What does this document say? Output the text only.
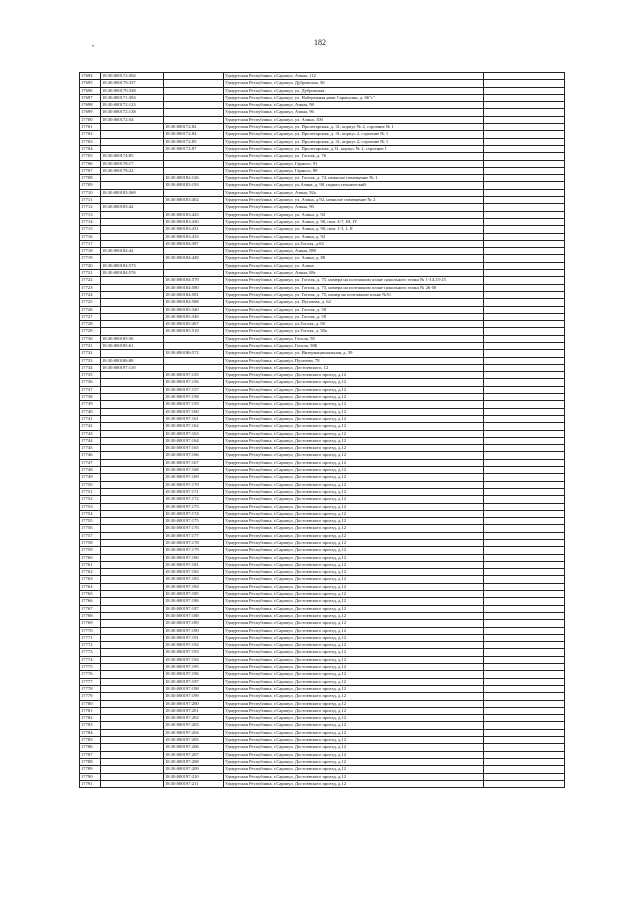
182
•
17694	18:30:000172:304		Удмуртская Республика, г.Сарапул, Азина, 112	
17695	18:30:000179:337		Удмуртская Республика, г.Сарапул, Дубровская, 36	
17696	18:30:000170:338		Удмуртская Республика, г.Сарапул, ул. Дубровская	
17697	18:30:000171:394		Удмуртская Республика, г.Сарапул, ул. Набережная реки Сарапулки, д. 66"г"	
17698	18:30:000172:123		Удмуртская Республика, г.Сарапул, Азина, 98	
17699	18:30:000172:138		Удмуртская Республика, г.Сарапул, Азина, 96	
17700	18:30:000172:54		Удмуртская Республика, г.Сарапул, ул. Азина, 100	
17701		18:30:000172:82	Удмуртская Республика, г.Сарапул, ул. Пролетарская, д. 31, корпус № 2, строение № 1	
17702		18:30:000172:84	Удмуртская Республика, г.Сарапул, ул. Пролетарская, д. 31, корпус 2, строение № 1	
17703		18:30:000172:85	Удмуртская Республика, г.Сарапул, ул. Пролетарская, д. 31, корпус 2, строение № 1	
17704		18:30:000172:87	Удмуртская Республика, г.Сарапул, ул. Пролетарская, д.31, корпус № 2, строение 1	
17705	18:30:000174:85		Удмуртская Республика, г.Сарапул, ул. Гоголя, д. 76	
17706	18:30:000178:17		Удмуртская Республика, г.Сарапул, Гарного, 91	
17707	18:30:000178:22		Удмуртская Республика, г.Сарапул, Гарного, 89	
17708		18:30:000182:126	Удмуртская Республика, г.Сарапул, ул. Гоголя, д. 74, нежилое помещение № 1	
17709		18:30:000183:193	Удмуртская Республика, г.Сарапул, ул.Азина, д. 90, подвал технический	
17710	18:30:000183:369		Удмуртская Республика, г.Сарапул, Азина, 92а	
17711		18:30:000183:402	Удмуртская Республика, г.Сарапул, ул. Азина, д.92, нежилое помещение № 2	
17712	18:30:000183:42		Удмуртская Республика, г.Сарапул, Азина, 90	
17713		18:30:000183:423	Удмуртская Республика, г.Сарапул, ул. Азина, д. 92	
17714		18:30:000183:430	Удмуртская Республика, г.Сарапул, ул. Азина, д. 90, пом. 4-7, III, IV	
17715		18:30:000183:431	Удмуртская Республика, г.Сарапул, ул. Азина, д. 90, пом. 1-3, I, II	
17716		18:30:000183:433	Удмуртская Республика, г.Сарапул, ул. Азина, д. 92	
17717		18:30:000184:387	Удмуртская Республика, г.Сарапул, ул.Гоголя, д.63	
17718	18:30:000184:42		Удмуртская Республика, г.Сарапул, Азина, 88б	
17719		18:30:000184:449	Удмуртская Республика, г.Сарапул, ул. Азина, д. 88	
17720	18:30:000184:573		Удмуртская Республика, г.Сарапул, ул. Азина	
17721	18:30:000184:576		Удмуртская Республика, г.Сарапул, Азина, 88г	
17722		18:30:000184:579	Удмуртская Республика, г.Сарапул, ул. Гоголя, д. 75, номера на поэтажном плане цокольного этажа № 1-14,15-25	
17723		18:30:000184:580	Удмуртская Республика, г.Сарапул, ул. Гоголя, д. 75, номера на поэтажном плане цокольного этажа № 26-50	
17724		18:30:000184:581	Удмуртская Республика, г.Сарапул, ул. Гоголя, д. 75, номер на поэтажном плане №51	
17725		18:30:000184:588	Удмуртская Республика, г.Сарапул, ул. Пугачева, д. 62	
17726		18:30:000185:340	Удмуртская Республика, г.Сарапул, ул. Гоголя, д. 58	
17727		18:30:000185:349	Удмуртская Республика, г.Сарапул, ул. Гоголя, д. 58	
17728		18:30:000185:467	Удмуртская Республика, г.Сарапул, ул.Гоголя, д. 58	
17729		18:30:000185:519	Удмуртская Республика, г.Сарапул, ул.Гоголя, д. 58а	
17730	18:30:000185:56		Удмуртская Республика, г.Сарапул, Гоголя, 58	
17731	18:30:000185:61		Удмуртская Республика, г.Сарапул, Гоголя, 58Б	
17732		18:30:000186:572	Удмуртская Республика, г.Сарапул, ул. Интернациональная, д. 39	
17733	18:30:000186:80		Удмуртская Республика, г.Сарапул, Пугачева, 78	
17734	18:30:000197:110		Удмуртская Республика, г.Сарапул, Достоевского, 12	
17735		18:30:000197:155	Удмуртская Республика, г.Сарапул, Достоевского проезд, д.12	
17736		18:30:000197:156	Удмуртская Республика, г.Сарапул, Достоевского проезд, д.12	
17737		18:30:000197:157	Удмуртская Республика, г.Сарапул, Достоевского проезд, д.12	
17738		18:30:000197:158	Удмуртская Республика, г.Сарапул, Достоевского проезд, д.12	
17739		18:30:000197:159	Удмуртская Республика, г.Сарапул, Достоевского проезд, д.12	
17740		18:30:000197:160	Удмуртская Республика, г.Сарапул, Достоевского проезд, д.12	
17741		18:30:000197:161	Удмуртская Республика, г.Сарапул, Достоевского проезд, д.12	
17742		18:30:000197:162	Удмуртская Республика, г.Сарапул, Достоевского проезд, д.12	
17743		18:30:000197:163	Удмуртская Республика, г.Сарапул, Достоевского проезд, д.12	
17744		18:30:000197:164	Удмуртская Республика, г.Сарапул, Достоевского проезд, д.12	
17745		18:30:000197:165	Удмуртская Республика, г.Сарапул, Достоевского проезд, д.12	
17746		18:30:000197:166	Удмуртская Республика, г.Сарапул, Достоевского проезд, д.12	
17747		18:30:000197:167	Удмуртская Республика, г.Сарапул, Достоевского проезд, д.12	
17748		18:30:000197:168	Удмуртская Республика, г.Сарапул, Достоевского проезд, д.12	
17749		18:30:000197:169	Удмуртская Республика, г.Сарапул, Достоевского проезд, д.12	
17750		18:30:000197:170	Удмуртская Республика, г.Сарапул, Достоевского проезд, д.12	
17751		18:30:000197:171	Удмуртская Республика, г.Сарапул, Достоевского проезд, д.12	
17752		18:30:000197:172	Удмуртская Республика, г.Сарапул, Достоевского проезд, д.12	
17753		18:30:000197:173	Удмуртская Республика, г.Сарапул, Достоевского проезд, д.12	
17754		18:30:000197:174	Удмуртская Республика, г.Сарапул, Достоевского проезд, д.12	
17755		18:30:000197:175	Удмуртская Республика, г.Сарапул, Достоевского проезд, д.12	
17756		18:30:000197:176	Удмуртская Республика, г.Сарапул, Достоевского проезд, д.12	
17757		18:30:000197:177	Удмуртская Республика, г.Сарапул, Достоевского проезд, д.12	
17758		18:30:000197:178	Удмуртская Республика, г.Сарапул, Достоевского проезд, д.12	
17759		18:30:000197:179	Удмуртская Республика, г.Сарапул, Достоевского проезд, д.12	
17760		18:30:000197:180	Удмуртская Республика, г.Сарапул, Достоевского проезд, д.12	
17761		18:30:000197:181	Удмуртская Республика, г.Сарапул, Достоевского проезд, д.12	
17762		18:30:000197:182	Удмуртская Республика, г.Сарапул, Достоевского проезд, д.12	
17763		18:30:000197:183	Удмуртская Республика, г.Сарапул, Достоевского проезд, д.12	
17764		18:30:000197:184	Удмуртская Республика, г.Сарапул, Достоевского проезд, д.12	
17765		18:30:000197:185	Удмуртская Республика, г.Сарапул, Достоевского проезд, д.12	
17766		18:30:000197:186	Удмуртская Республика, г.Сарапул, Достоевского проезд, д.12	
17767		18:30:000197:187	Удмуртская Республика, г.Сарапул, Достоевского проезд, д.12	
17768		18:30:000197:188	Удмуртская Республика, г.Сарапул, Достоевского проезд, д.12	
17769		18:30:000197:189	Удмуртская Республика, г.Сарапул, Достоевского проезд, д.12	
17770		18:30:000197:190	Удмуртская Республика, г.Сарапул, Достоевского проезд, д.12	
17771		18:30:000197:191	Удмуртская Республика, г.Сарапул, Достоевского проезд, д.12	
17772		18:30:000197:192	Удмуртская Республика, г.Сарапул, Достоевского проезд, д.12	
17773		18:30:000197:193	Удмуртская Республика, г.Сарапул, Достоевского проезд, д.12	
17774		18:30:000197:194	Удмуртская Республика, г.Сарапул, Достоевского проезд, д.12	
17775		18:30:000197:195	Удмуртская Республика, г.Сарапул, Достоевского проезд, д.12	
17776		18:30:000197:196	Удмуртская Республика, г.Сарапул, Достоевского проезд, д.12	
17777		18:30:000197:197	Удмуртская Республика, г.Сарапул, Достоевского проезд, д.12	
17778		18:30:000197:198	Удмуртская Республика, г.Сарапул, Достоевского проезд, д.12	
17779		18:30:000197:199	Удмуртская Республика, г.Сарапул, Достоевского проезд, д.12	
17780		18:30:000197:200	Удмуртская Республика, г.Сарапул, Достоевского проезд, д.12	
17781		18:30:000197:201	Удмуртская Республика, г.Сарапул, Достоевского проезд, д.12	
17782		18:30:000197:202	Удмуртская Республика, г.Сарапул, Достоевского проезд, д.12	
17783		18:30:000197:203	Удмуртская Республика, г.Сарапул, Достоевского проезд, д.12	
17784		18:30:000197:204	Удмуртская Республика, г.Сарапул, Достоевского проезд, д.12	
17785		18:30:000197:205	Удмуртская Республика, г.Сарапул, Достоевского проезд, д.12	
17786		18:30:000197:206	Удмуртская Республика, г.Сарапул, Достоевского проезд, д.12	
17787		18:30:000197:207	Удмуртская Республика, г.Сарапул, Достоевского проезд, д.12	
17788		18:30:000197:208	Удмуртская Республика, г.Сарапул, Достоевского проезд, д.12	
17789		18:30:000197:209	Удмуртская Республика, г.Сарапул, Достоевского проезд, д.12	
17790		18:30:000197:210	Удмуртская Республика, г.Сарапул, Достоевского проезд, д.12	
17791		18:30:000197:211	Удмуртская Республика, г.Сарапул, Достоевского проезд, д.12	
